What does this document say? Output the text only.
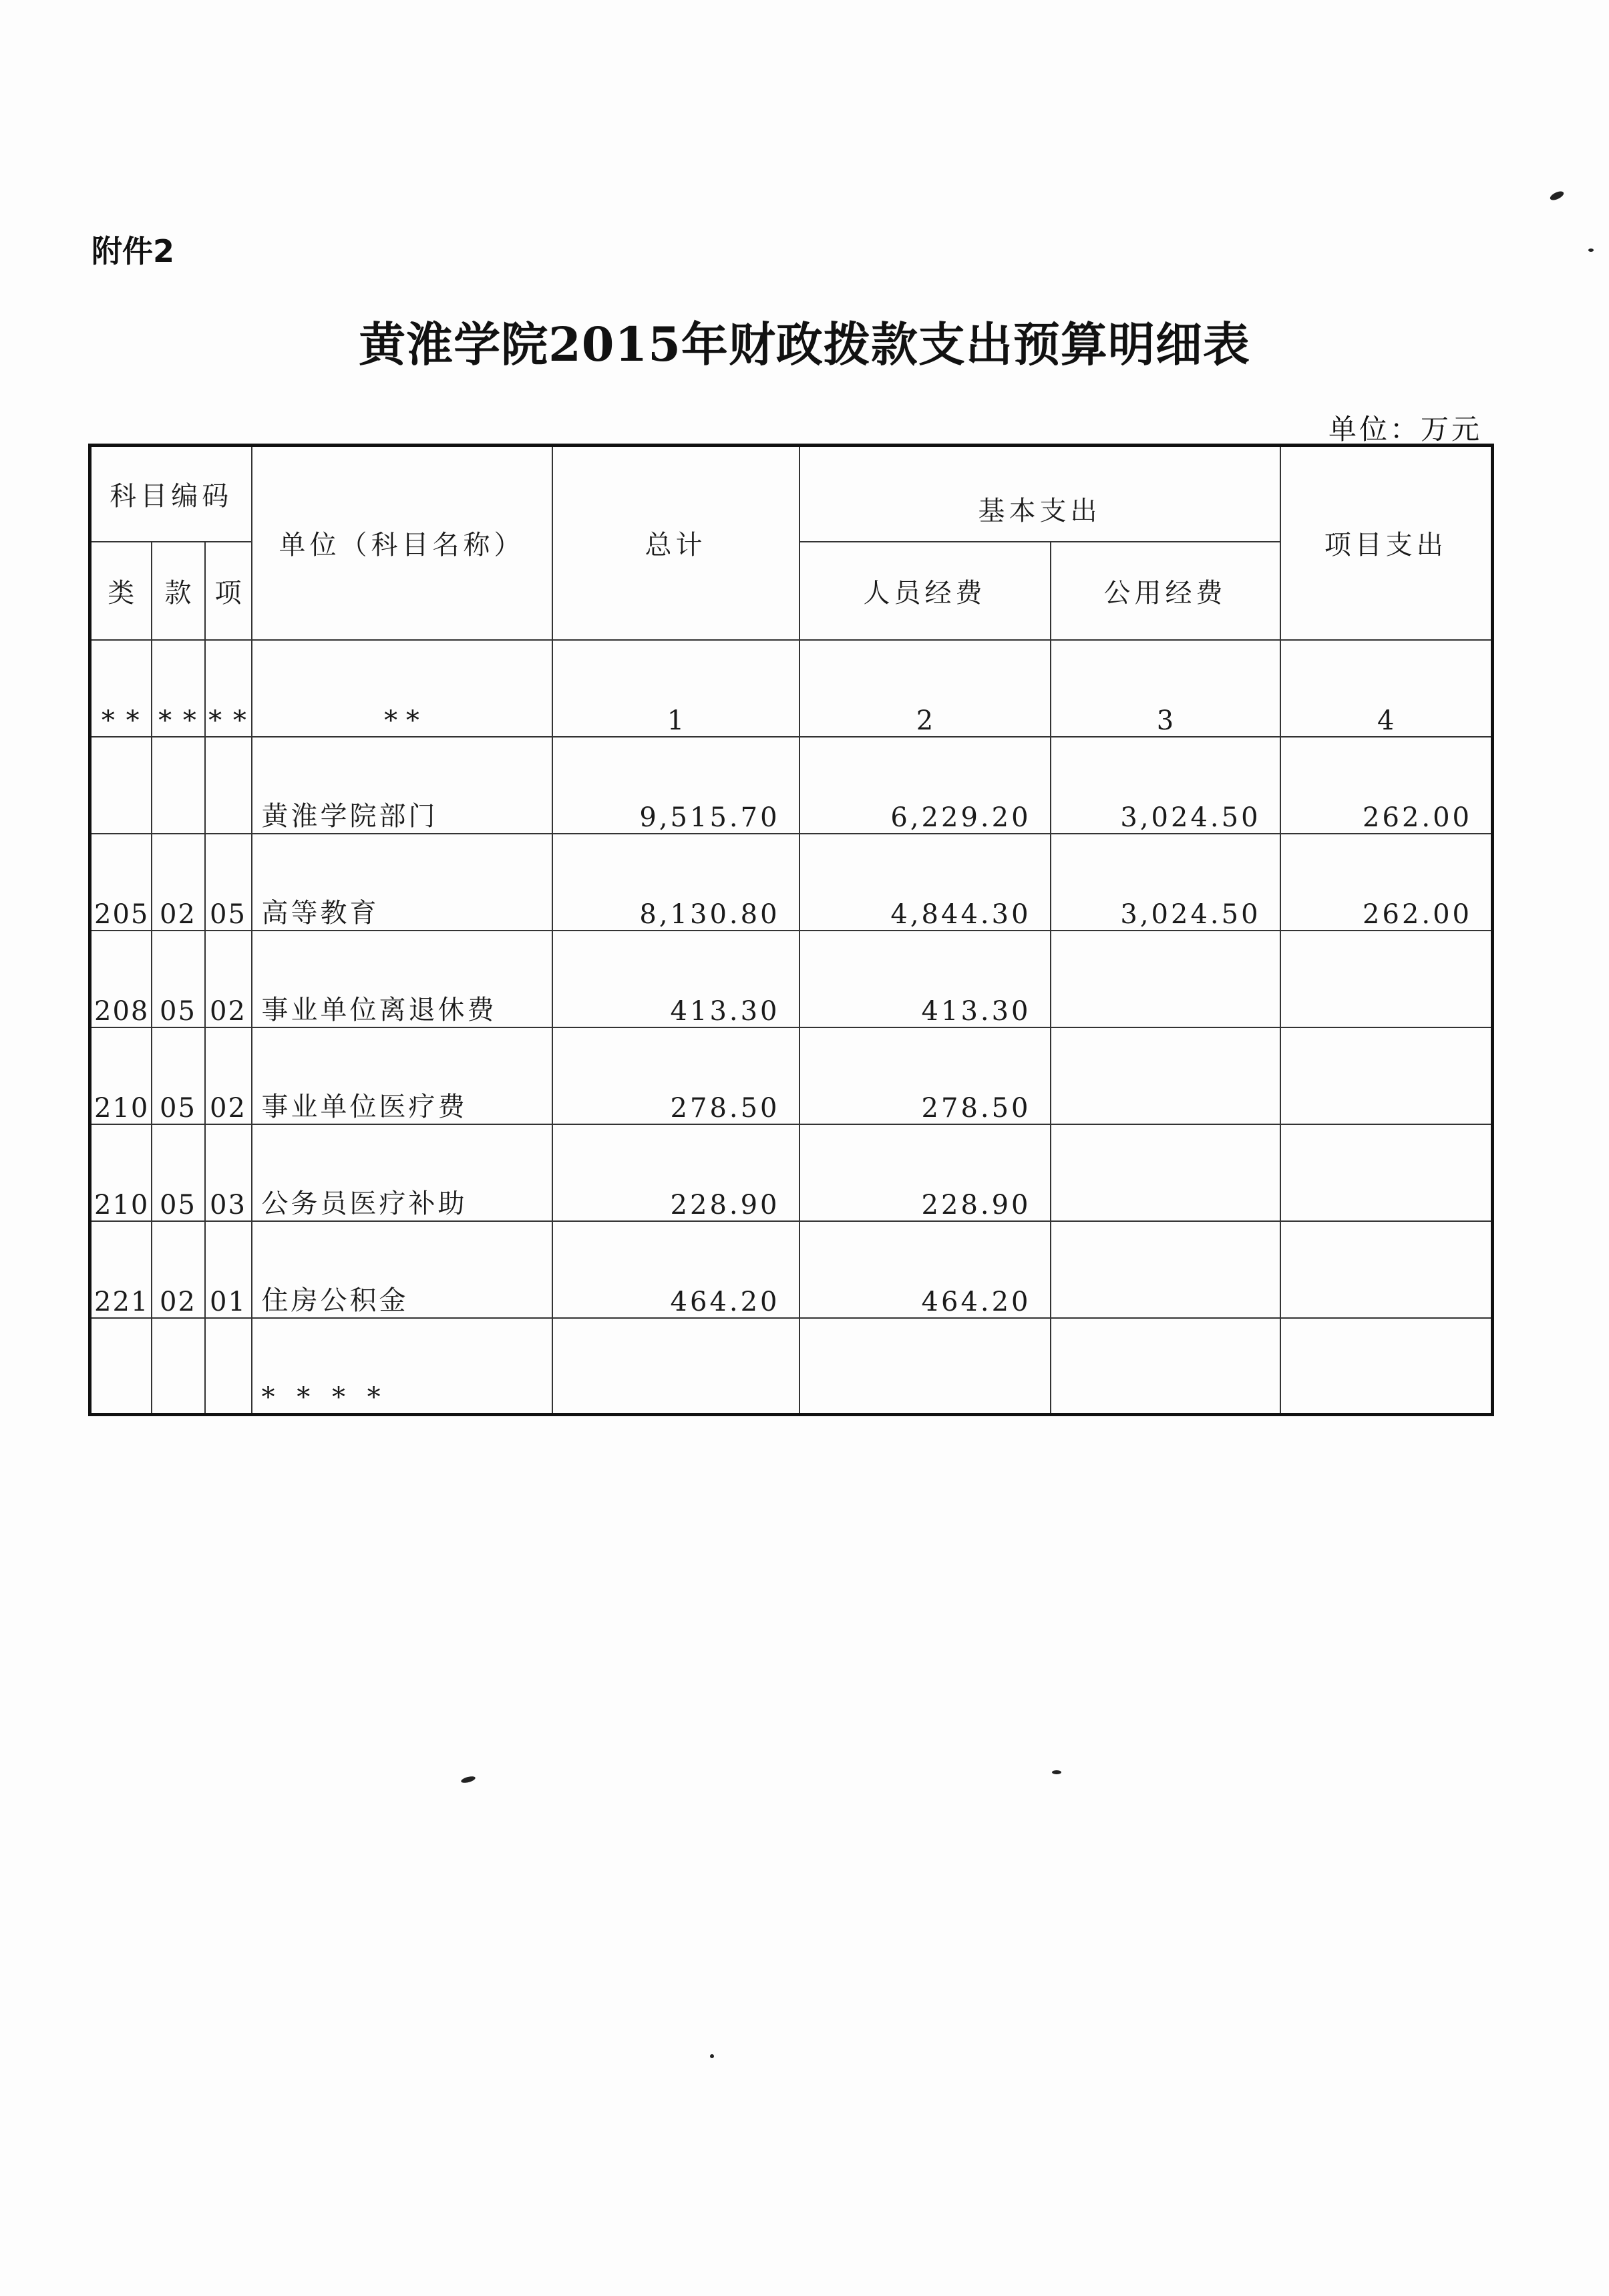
附件2
黄淮学院2015年财政拨款支出预算明细表
单位：万元
科目编码			单位（科目名称）	总计	基本支出		项目支出
类	款	项			人员经费	公用经费	
* *	* *	* *	* *	1	2	3	4
			黄淮学院部门	9,515.70	6,229.20	3,024.50	262.00
205	02	05	高等教育	8,130.80	4,844.30	3,024.50	262.00
208	05	02	事业单位离退休费	413.30	413.30		
210	05	02	事业单位医疗费	278.50	278.50		
210	05	03	公务员医疗补助	228.90	228.90		
221	02	01	住房公积金	464.20	464.20		
			* * * *				
